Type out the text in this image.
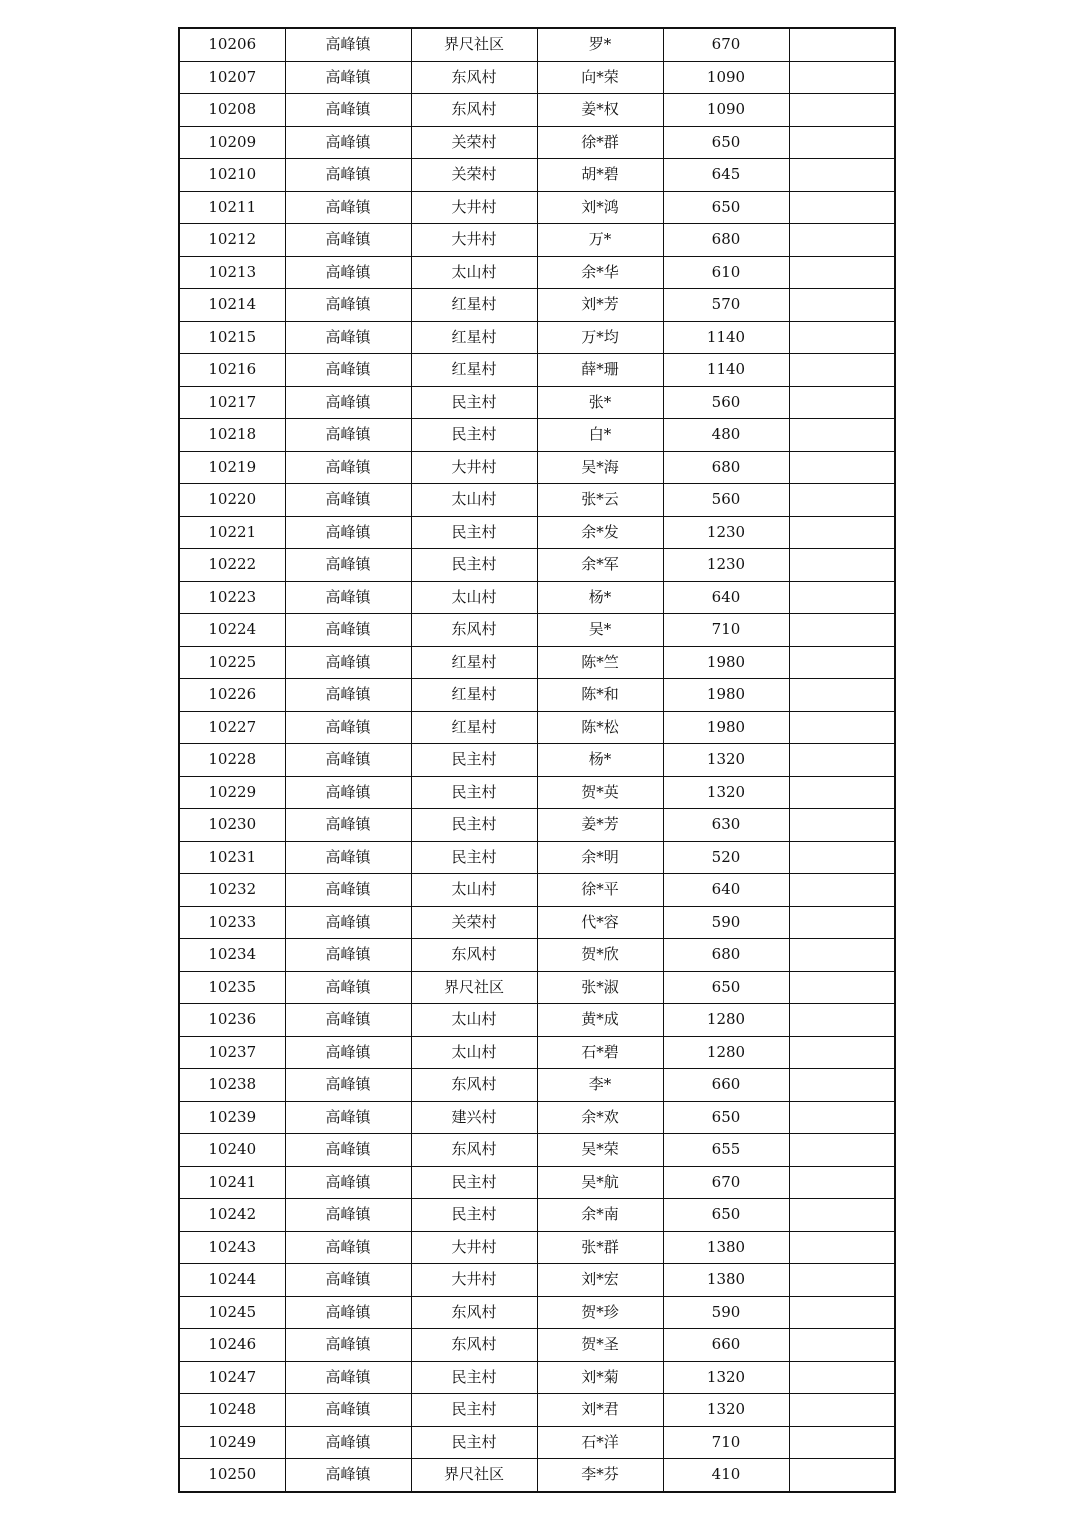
10206	高峰镇	界尺社区	罗*	670	
10207	高峰镇	东风村	向*荣	1090	
10208	高峰镇	东风村	姜*权	1090	
10209	高峰镇	关荣村	徐*群	650	
10210	高峰镇	关荣村	胡*碧	645	
10211	高峰镇	大井村	刘*鸿	650	
10212	高峰镇	大井村	万*	680	
10213	高峰镇	太山村	余*华	610	
10214	高峰镇	红星村	刘*芳	570	
10215	高峰镇	红星村	万*均	1140	
10216	高峰镇	红星村	薛*珊	1140	
10217	高峰镇	民主村	张*	560	
10218	高峰镇	民主村	白*	480	
10219	高峰镇	大井村	吴*海	680	
10220	高峰镇	太山村	张*云	560	
10221	高峰镇	民主村	余*发	1230	
10222	高峰镇	民主村	余*军	1230	
10223	高峰镇	太山村	杨*	640	
10224	高峰镇	东风村	吴*	710	
10225	高峰镇	红星村	陈*竺	1980	
10226	高峰镇	红星村	陈*和	1980	
10227	高峰镇	红星村	陈*松	1980	
10228	高峰镇	民主村	杨*	1320	
10229	高峰镇	民主村	贺*英	1320	
10230	高峰镇	民主村	姜*芳	630	
10231	高峰镇	民主村	余*明	520	
10232	高峰镇	太山村	徐*平	640	
10233	高峰镇	关荣村	代*容	590	
10234	高峰镇	东风村	贺*欣	680	
10235	高峰镇	界尺社区	张*淑	650	
10236	高峰镇	太山村	黄*成	1280	
10237	高峰镇	太山村	石*碧	1280	
10238	高峰镇	东风村	李*	660	
10239	高峰镇	建兴村	余*欢	650	
10240	高峰镇	东风村	吴*荣	655	
10241	高峰镇	民主村	吴*航	670	
10242	高峰镇	民主村	余*南	650	
10243	高峰镇	大井村	张*群	1380	
10244	高峰镇	大井村	刘*宏	1380	
10245	高峰镇	东风村	贺*珍	590	
10246	高峰镇	东风村	贺*圣	660	
10247	高峰镇	民主村	刘*菊	1320	
10248	高峰镇	民主村	刘*君	1320	
10249	高峰镇	民主村	石*洋	710	
10250	高峰镇	界尺社区	李*芬	410	
